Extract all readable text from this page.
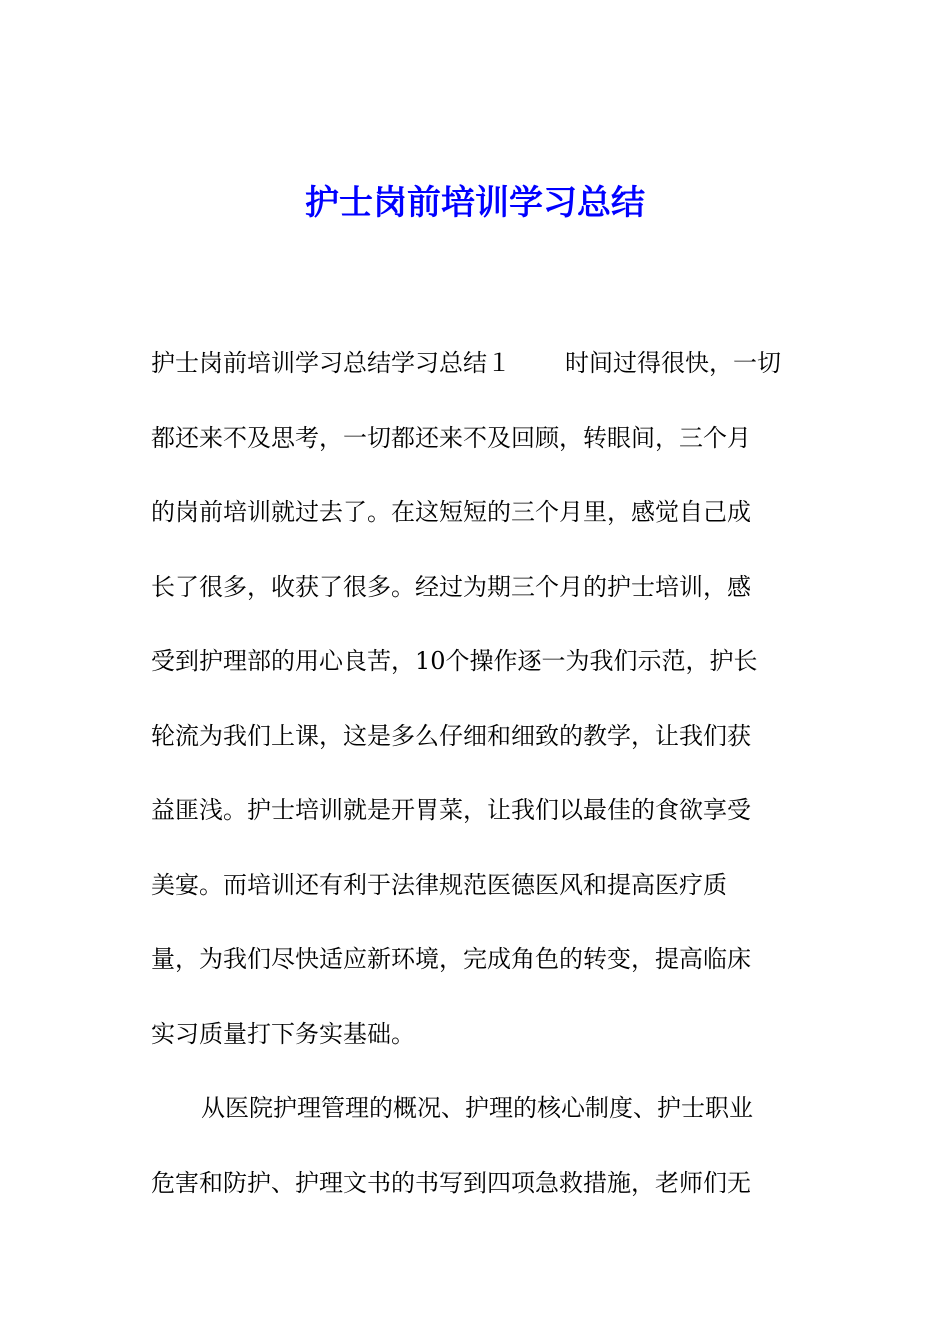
护士岗前培训学习总结
护士岗前培训学习总结学习总结１ 时间过得很快，一切
都还来不及思考，一切都还来不及回顾，转眼间，三个月
的岗前培训就过去了。在这短短的三个月里，感觉自己成
长了很多，收获了很多。经过为期三个月的护士培训，感
受到护理部的用心良苦，10个操作逐一为我们示范，护长
轮流为我们上课，这是多么仔细和细致的教学，让我们获
益匪浅。护士培训就是开胃菜，让我们以最佳的食欲享受
美宴。而培训还有利于法律规范医德医风和提高医疗质
量，为我们尽快适应新环境，完成角色的转变，提高临床
实习质量打下务实基础。
从医院护理管理的概况、护理的核心制度、护士职业
危害和防护、护理文书的书写到四项急救措施，老师们无
